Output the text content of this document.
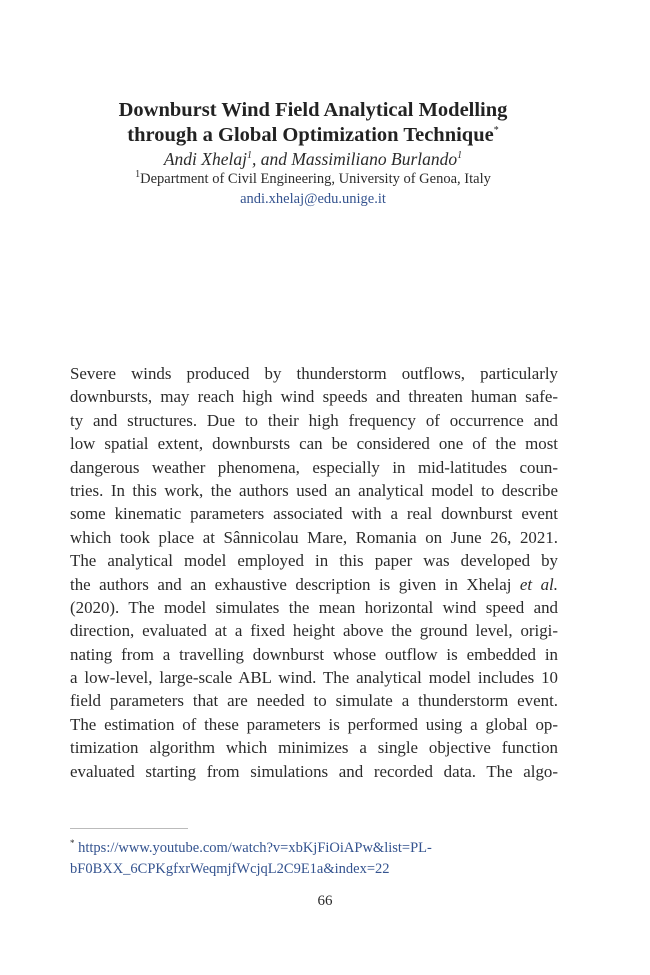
Downburst Wind Field Analytical Modelling
through a Global Optimization Technique*
Andi Xhelaj$^1$, and Massimiliano Burlando$^1$
$^1$Department of Civil Engineering, University of Genoa, Italy
andi.xhelaj@edu.unige.it
Severe winds produced by thunderstorm outflows, particularly
downbursts, may reach high wind speeds and threaten human safe-
ty and structures. Due to their high frequency of occurrence and
low spatial extent, downbursts can be considered one of the most
dangerous weather phenomena, especially in mid-latitudes coun-
tries. In this work, the authors used an analytical model to describe
some kinematic parameters associated with a real downburst event
which took place at Sânnicolau Mare, Romania on June 26, 2021.
The analytical model employed in this paper was developed by
the authors and an exhaustive description is given in Xhelaj et al.
(2020). The model simulates the mean horizontal wind speed and
direction, evaluated at a fixed height above the ground level, origi-
nating from a travelling downburst whose outflow is embedded in
a low-level, large-scale ABL wind. The analytical model includes 10
field parameters that are needed to simulate a thunderstorm event.
The estimation of these parameters is performed using a global op-
timization algorithm which minimizes a single objective function
evaluated starting from simulations and recorded data. The algo-
* https://www.youtube.com/watch?v=xbKjFiOiAPw&list=PL-
bF0BXX_6CPKgfxrWeqmjfWcjqL2C9E1a&index=22
66
